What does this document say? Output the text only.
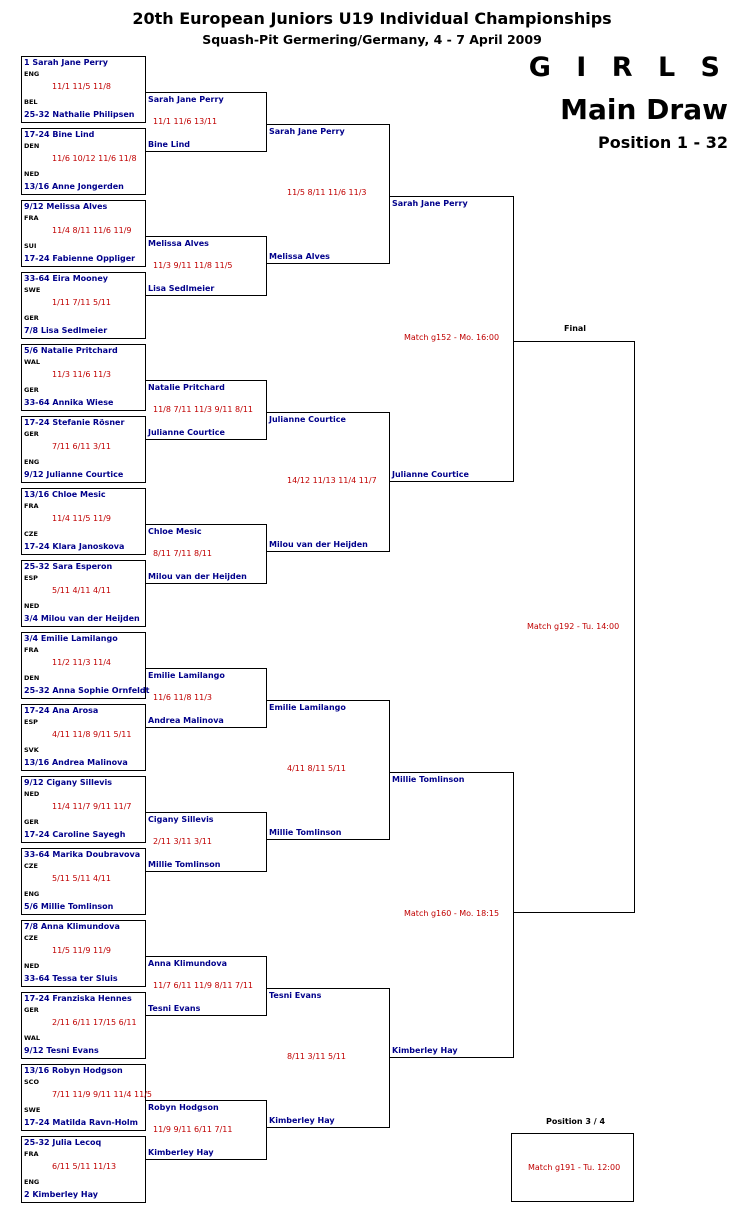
20th European Juniors U19 Individual Championships
Squash-Pit Germering/Germany, 4 - 7 April 2009
G I R L S
Main Draw
Position 1 - 32
1 Sarah Jane Perry
ENG
11/1 11/5 11/8
BEL
25-32 Nathalie Philipsen
17-24 Bine Lind
DEN
11/6 10/12 11/6 11/8
NED
13/16 Anne Jongerden
9/12 Melissa Alves
FRA
11/4 8/11 11/6 11/9
SUI
17-24 Fabienne Oppliger
33-64 Eira Mooney
SWE
1/11 7/11 5/11
GER
7/8 Lisa Sedlmeier
5/6 Natalie Pritchard
WAL
11/3 11/6 11/3
GER
33-64 Annika Wiese
17-24 Stefanie Rösner
GER
7/11 6/11 3/11
ENG
9/12 Julianne Courtice
13/16 Chloe Mesic
FRA
11/4 11/5 11/9
CZE
17-24 Klara Janoskova
25-32 Sara Esperon
ESP
5/11 4/11 4/11
NED
3/4 Milou van der Heijden
3/4 Emilie Lamilango
FRA
11/2 11/3 11/4
DEN
25-32 Anna Sophie Ornfeldt
17-24 Ana Arosa
ESP
4/11 11/8 9/11 5/11
SVK
13/16 Andrea Malinova
9/12 Cigany Sillevis
NED
11/4 11/7 9/11 11/7
GER
17-24 Caroline Sayegh
33-64 Marika Doubravova
CZE
5/11 5/11 4/11
ENG
5/6 Millie Tomlinson
7/8 Anna Klimundova
CZE
11/5 11/9 11/9
NED
33-64 Tessa ter Sluis
17-24 Franziska Hennes
GER
2/11 6/11 17/15 6/11
WAL
9/12 Tesni Evans
13/16 Robyn Hodgson
SCO
7/11 11/9 9/11 11/4 11/5
SWE
17-24 Matilda Ravn-Holm
25-32 Julia Lecoq
FRA
6/11 5/11 11/13
ENG
2 Kimberley Hay
Sarah Jane Perry
11/1 11/6 13/11
Bine Lind
Melissa Alves
11/3 9/11 11/8 11/5
Lisa Sedlmeier
Natalie Pritchard
11/8 7/11 11/3 9/11 8/11
Julianne Courtice
Chloe Mesic
8/11 7/11 8/11
Milou van der Heijden
Emilie Lamilango
11/6 11/8 11/3
Andrea Malinova
Cigany Sillevis
2/11 3/11 3/11
Millie Tomlinson
Anna Klimundova
11/7 6/11 11/9 8/11 7/11
Tesni Evans
Robyn Hodgson
11/9 9/11 6/11 7/11
Kimberley Hay
Sarah Jane Perry
11/5 8/11 11/6 11/3
Melissa Alves
Julianne Courtice
14/12 11/13 11/4 11/7
Milou van der Heijden
Emilie Lamilango
4/11 8/11 5/11
Millie Tomlinson
Tesni Evans
8/11 3/11 5/11
Kimberley Hay
Sarah Jane Perry
Match g152 - Mo. 16:00
Julianne Courtice
Millie Tomlinson
Match g160 - Mo. 18:15
Kimberley Hay
Final
Match g192 - Tu. 14:00
Position 3 / 4
Match g191 - Tu. 12:00
